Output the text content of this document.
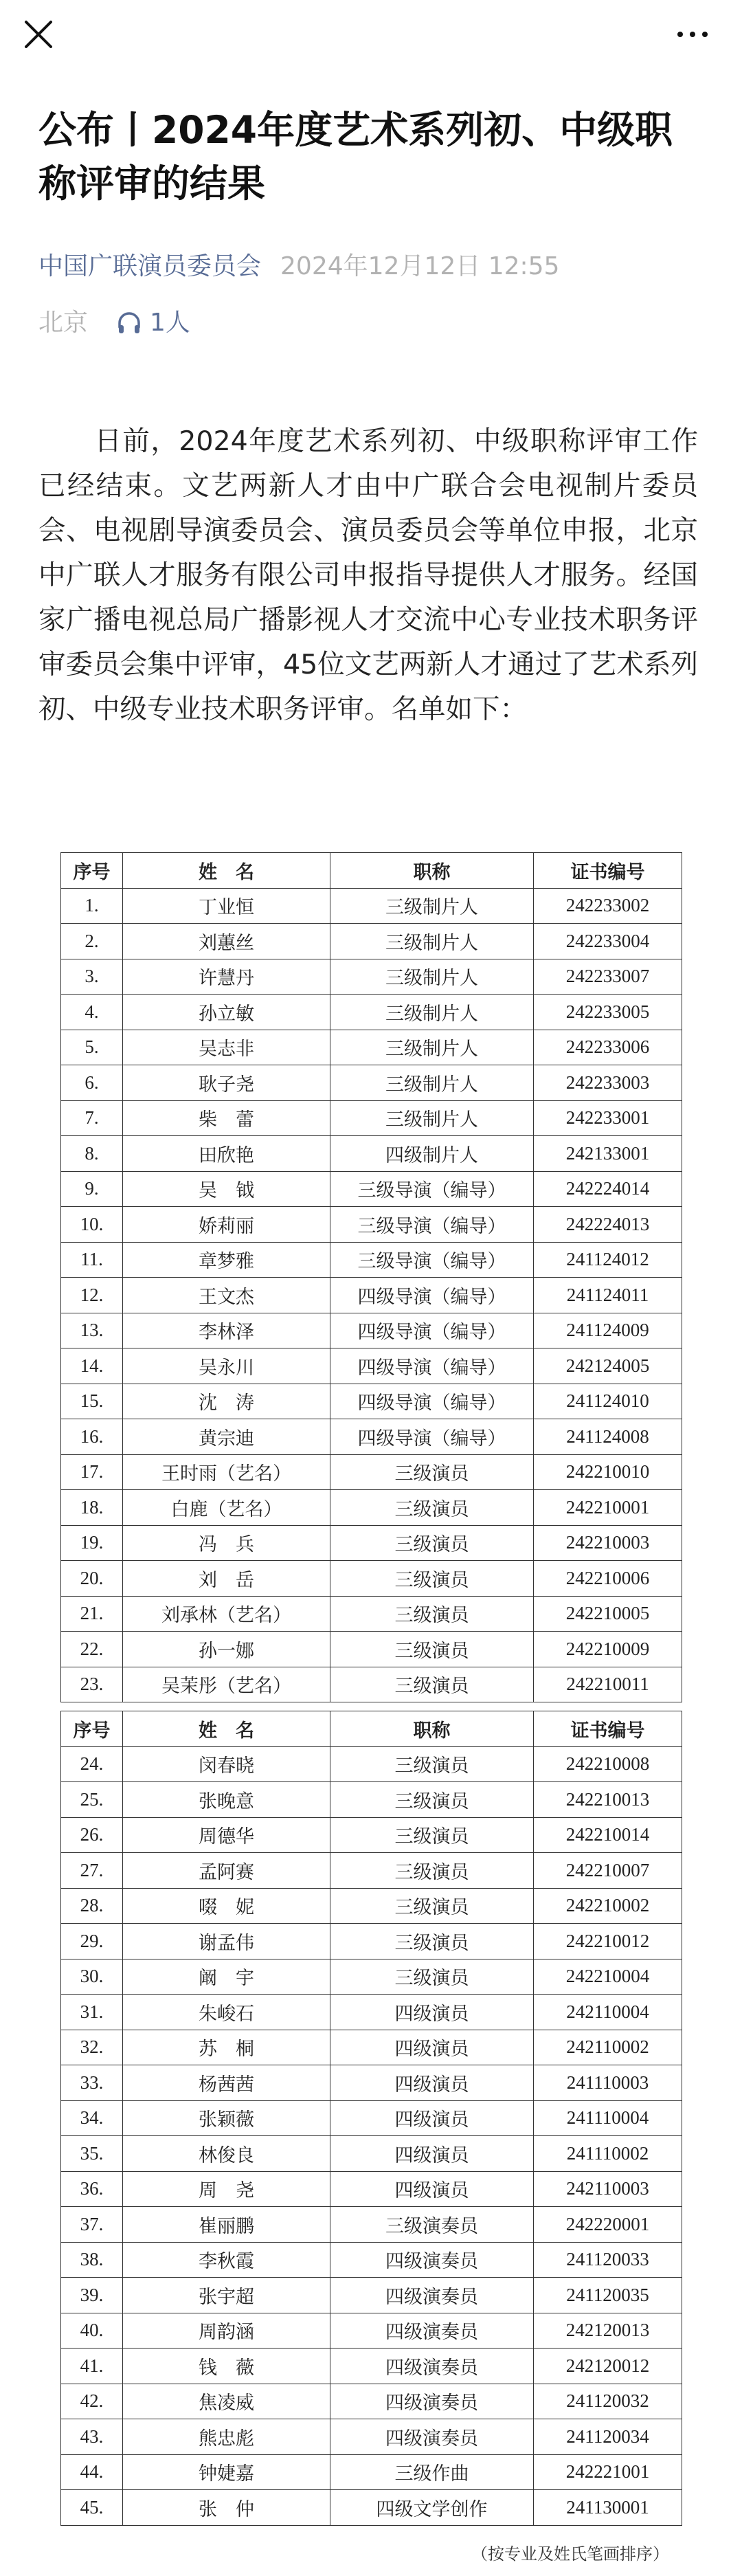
公布丨2024年度艺术系列初、中级职称评审的结果
中国广联演员委员会 2024年12月12日 12:55
北京	1人

日前，2024年度艺术系列初、中级职称评审工作已经结束。文艺两新人才由中广联合会电视制片委员会、电视剧导演委员会、演员委员会等单位申报，北京中广联人才服务有限公司申报指导提供人才服务。经国家广播电视总局广播影视人才交流中心专业技术职务评审委员会集中评审，45位文艺两新人才通过了艺术系列初、中级专业技术职务评审。名单如下：

序号	姓　名	职称	证书编号
1.	丁业恒	三级制片人	242233002
2.	刘蕙丝	三级制片人	242233004
3.	许慧丹	三级制片人	242233007
4.	孙立敏	三级制片人	242233005
5.	吴志非	三级制片人	242233006
6.	耿子尧	三级制片人	242233003
7.	柴　蕾	三级制片人	242233001
8.	田欣艳	四级制片人	242133001
9.	吴　钺	三级导演（编导）	242224014
10.	娇莉丽	三级导演（编导）	242224013
11.	章梦雅	三级导演（编导）	241124012
12.	王文杰	四级导演（编导）	241124011
13.	李林泽	四级导演（编导）	241124009
14.	吴永川	四级导演（编导）	242124005
15.	沈　涛	四级导演（编导）	241124010
16.	黄宗迪	四级导演（编导）	241124008
17.	王时雨（艺名）	三级演员	242210010
18.	白鹿（艺名）	三级演员	242210001
19.	冯　兵	三级演员	242210003
20.	刘　岳	三级演员	242210006
21.	刘承林（艺名）	三级演员	242210005
22.	孙一娜	三级演员	242210009
23.	吴茉彤（艺名）	三级演员	242210011
序号	姓　名	职称	证书编号
24.	闵春晓	三级演员	242210008
25.	张晚意	三级演员	242210013
26.	周德华	三级演员	242210014
27.	孟阿赛	三级演员	242210007
28.	啜　妮	三级演员	242210002
29.	谢孟伟	三级演员	242210012
30.	阚　宇	三级演员	242210004
31.	朱峻石	四级演员	242110004
32.	苏　桐	四级演员	242110002
33.	杨茜茜	四级演员	241110003
34.	张颖薇	四级演员	241110004
35.	林俊良	四级演员	241110002
36.	周　尧	四级演员	242110003
37.	崔丽鹏	三级演奏员	242220001
38.	李秋霞	四级演奏员	241120033
39.	张宇超	四级演奏员	241120035
40.	周韵涵	四级演奏员	242120013
41.	钱　薇	四级演奏员	242120012
42.	焦凌威	四级演奏员	241120032
43.	熊忠彪	四级演奏员	241120034
44.	钟婕嘉	三级作曲	242221001
45.	张　仲	四级文学创作	241130001
（按专业及姓氏笔画排序）
